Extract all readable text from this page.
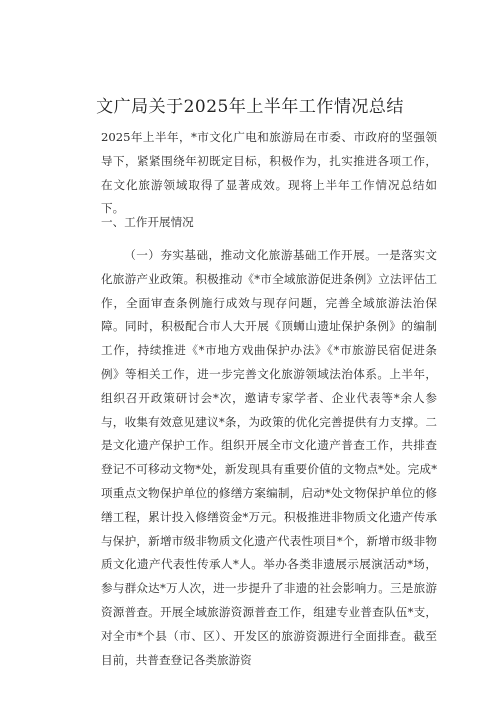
文广局关于2025年上半年工作情况总结
2025年上半年，*市文化广电和旅游局在市委、市政府的坚强领导下，紧紧围绕年初既定目标，积极作为，扎实推进各项工作，在文化旅游领域取得了显著成效。现将上半年工作情况总结如下。
一、工作开展情况
（一）夯实基础，推动文化旅游基础工作开展。一是落实文化旅游产业政策。积极推动《*市全域旅游促进条例》立法评估工作，全面审查条例施行成效与现存问题，完善全域旅游法治保障。同时，积极配合市人大开展《顶蛳山遗址保护条例》的编制工作，持续推进《*市地方戏曲保护办法》《*市旅游民宿促进条例》等相关工作，进一步完善文化旅游领域法治体系。上半年，组织召开政策研讨会*次，邀请专家学者、企业代表等*余人参与，收集有效意见建议*条，为政策的优化完善提供有力支撑。二是文化遗产保护工作。组织开展全市文化遗产普查工作，共排查登记不可移动文物*处，新发现具有重要价值的文物点*处。完成*项重点文物保护单位的修缮方案编制，启动*处文物保护单位的修缮工程，累计投入修缮资金*万元。积极推进非物质文化遗产传承与保护，新增市级非物质文化遗产代表性项目*个，新增市级非物质文化遗产代表性传承人*人。举办各类非遗展示展演活动*场，参与群众达*万人次，进一步提升了非遗的社会影响力。三是旅游资源普查。开展全域旅游资源普查工作，组建专业普查队伍*支，对全市*个县（市、区）、开发区的旅游资源进行全面排查。截至目前，共普查登记各类旅游资
